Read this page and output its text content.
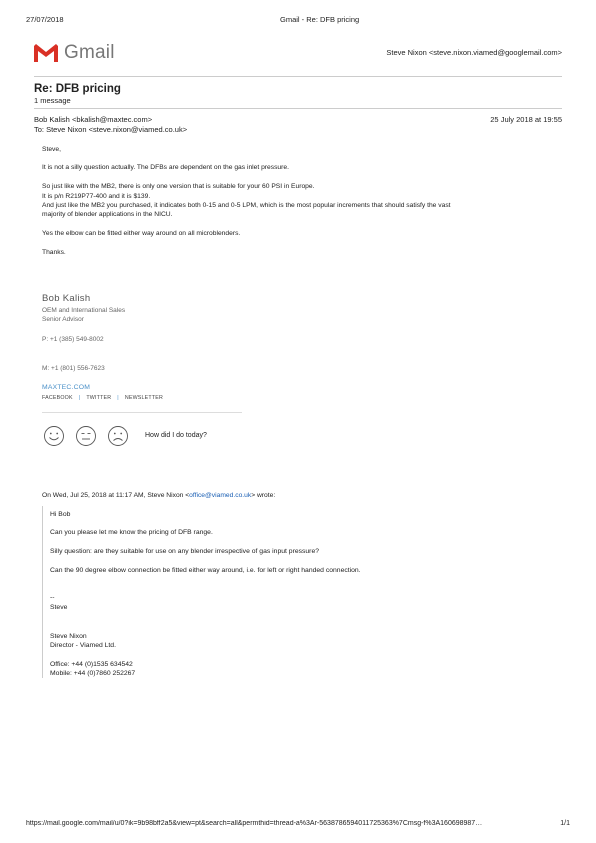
27/07/2018	Gmail - Re: DFB pricing
Gmail	Steve Nixon <steve.nixon.viamed@googlemail.com>
Re: DFB pricing
1 message
Bob Kalish <bkalish@maxtec.com>
To: Steve Nixon <steve.nixon@viamed.co.uk>
25 July 2018 at 19:55
Steve,
It is not a silly question actually. The DFBs are dependent on the gas inlet pressure.
So just like with the MB2, there is only one version that is suitable for your 60 PSI in Europe.
It is p/n R219P77-400 and it is $139.
And just like the MB2 you purchased, it indicates both 0-15 and 0-5 LPM, which is the most popular increments that should satisfy the vast
majority of blender applications in the NICU.
Yes the elbow can be fitted either way around on all microblenders.
Thanks.
Bob Kalish
OEM and International Sales
Senior Advisor
P: +1 (385) 549-8002
M: +1 (801) 556-7623
MAXTEC.COM
FACEBOOK | TWITTER | NEWSLETTER
How did I do today?
On Wed, Jul 25, 2018 at 11:17 AM, Steve Nixon <office@viamed.co.uk> wrote:
Hi Bob
Can you please let me know the pricing of DFB range.
Silly question: are they suitable for use on any blender irrespective of gas input pressure?
Can the 90 degree elbow connection be fitted either way around, i.e. for left or right handed connection.
--
Steve
Steve Nixon
Director - Viamed Ltd.
Office: +44 (0)1535 634542
Mobile: +44 (0)7860 252267
https://mail.google.com/mail/u/0?ik=9b98bff2a5&view=pt&search=all&permthid=thread-a%3Ar-5638786594011725363%7Cmsg-f%3A160698987…	1/1
